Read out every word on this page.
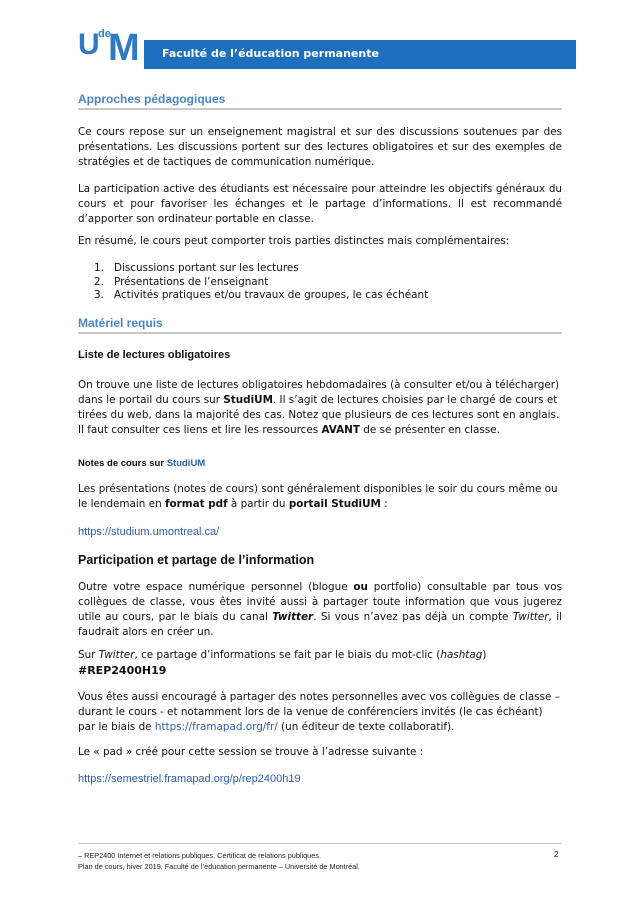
U
de
M Faculté de l’éducation permanente
Approches pédagogiques
Ce cours repose sur un enseignement magistral et sur des discussions soutenues par des présentations. Les discussions portent sur des lectures obligatoires et sur des exemples de stratégies et de tactiques de communication numérique.
La participation active des étudiants est nécessaire pour atteindre les objectifs généraux du cours et pour favoriser les échanges et le partage d’informations. Il est recommandé d’apporter son ordinateur portable en classe.
En résumé, le cours peut comporter trois parties distinctes mais complémentaires:
1. Discussions portant sur les lectures
2. Présentations de l’enseignant
3. Activités pratiques et/ou travaux de groupes, le cas échéant
Matériel requis
Liste de lectures obligatoires
On trouve une liste de lectures obligatoires hebdomadaires (à consulter et/ou à télécharger) dans le portail du cours sur StudiUM. Il s’agit de lectures choisies par le chargé de cours et tirées du web, dans la majorité des cas. Notez que plusieurs de ces lectures sont en anglais. Il faut consulter ces liens et lire les ressources AVANT de se présenter en classe.
Notes de cours sur StudiUM
Les présentations (notes de cours) sont généralement disponibles le soir du cours même ou le lendemain en format pdf à partir du portail StudiUM :
https://studium.umontreal.ca/
Participation et partage de l’information
Outre votre espace numérique personnel (blogue ou portfolio) consultable par tous vos collègues de classe, vous êtes invité aussi à partager toute information que vous jugerez utile au cours, par le biais du canal Twitter. Si vous n’avez pas déjà un compte Twitter, il faudrait alors en créer un.
Sur Twitter, ce partage d’informations se fait par le biais du mot-clic (hashtag)
#REP2400H19
Vous êtes aussi encouragé à partager des notes personnelles avec vos collègues de classe – durant le cours - et notamment lors de la venue de conférenciers invités (le cas échéant) par le biais de https://framapad.org/fr/ (un éditeur de texte collaboratif).
Le « pad » créé pour cette session se trouve à l’adresse suivante :
https://semestriel.framapad.org/p/rep2400h19
– REP2400 Internet et relations publiques. Certificat de relations publiques.
Plan de cours, hiver 2019. Faculté de l’éducation permanente – Université de Montréal.
2
